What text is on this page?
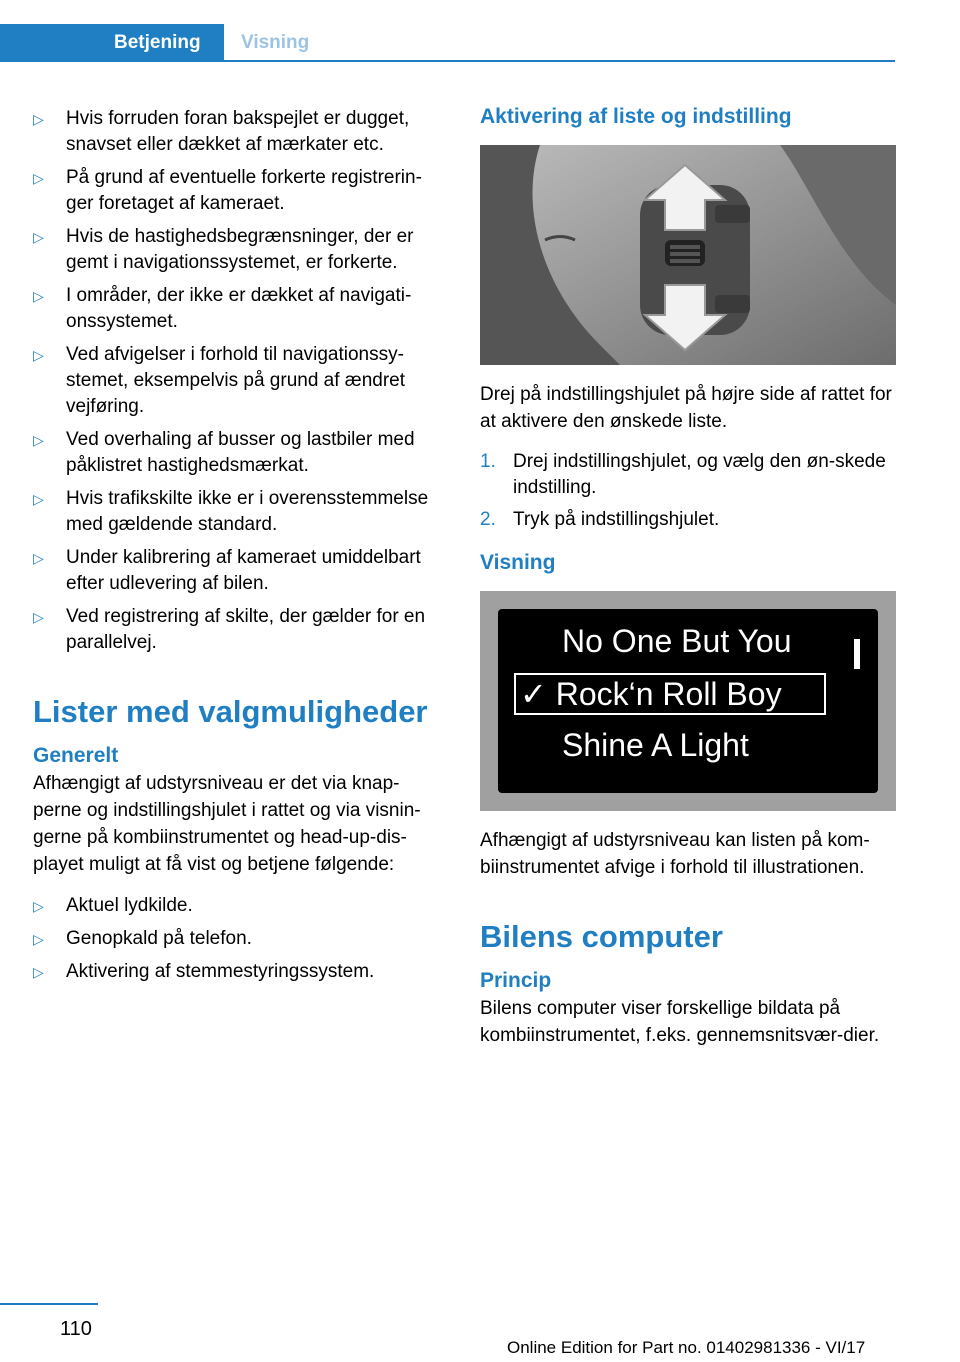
Betjening	Visning
▷ Hvis forruden foran bakspejlet er dugget, snavset eller dækket af mærkater etc.
▷ På grund af eventuelle forkerte registrerin-ger foretaget af kameraet.
▷ Hvis de hastighedsbegrænsninger, der er gemt i navigationssystemet, er forkerte.
▷ I områder, der ikke er dækket af navigati-onssystemet.
▷ Ved afvigelser i forhold til navigationssy-stemet, eksempelvis på grund af ændret vejføring.
▷ Ved overhaling af busser og lastbiler med påklistret hastighedsmærkat.
▷ Hvis trafikskilte ikke er i overensstemmelse med gældende standard.
▷ Under kalibrering af kameraet umiddelbart efter udlevering af bilen.
▷ Ved registrering af skilte, der gælder for en parallelvej.
Lister med valgmuligheder
Generelt

Afhængigt af udstyrsniveau er det via knap-perne og indstillingshjulet i rattet og via visnin-gerne på kombiinstrumentet og head-up-dis-playet muligt at få vist og betjene følgende:

▷ Aktuel lydkilde.
▷ Genopkald på telefon.
▷ Aktivering af stemmestyringssystem.
Aktivering af liste og indstilling

Drej på indstillingshjulet på højre side af rattet for at aktivere den ønskede liste.

1. Drej indstillingshjulet, og vælg den øn-skede indstilling.
2. Tryk på indstillingshjulet.
Visning
No One But You
✓ Rock‘n Roll Boy
Shine A Light

Afhængigt af udstyrsniveau kan listen på kom-biinstrumentet afvige i forhold til illustrationen.

Bilens computer
Princip

Bilens computer viser forskellige bildata på kombiinstrumentet, f.eks. gennemsnitsvær-dier.

110
Online Edition for Part no. 01402981336 - VI/17
